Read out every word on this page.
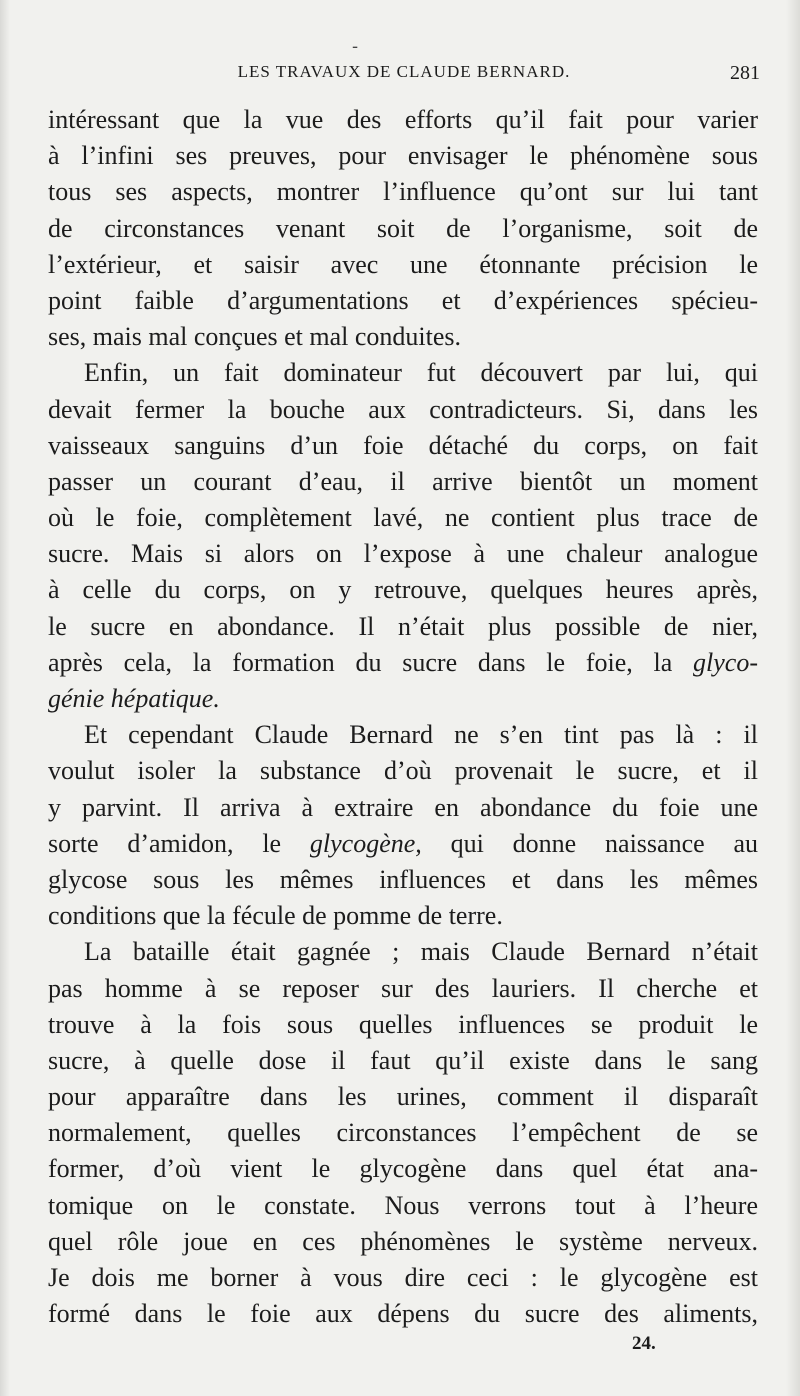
-
LES TRAVAUX DE CLAUDE BERNARD.	281
intéressant que la vue des efforts qu’il fait pour varier
à l’infini ses preuves, pour envisager le phénomène sous
tous ses aspects, montrer l’influence qu’ont sur lui tant
de circonstances venant soit de l’organisme, soit de
l’extérieur, et saisir avec une étonnante précision le
point faible d’argumentations et d’expériences spécieu-
ses, mais mal conçues et mal conduites.
Enfin, un fait dominateur fut découvert par lui, qui
devait fermer la bouche aux contradicteurs. Si, dans les
vaisseaux sanguins d’un foie détaché du corps, on fait
passer un courant d’eau, il arrive bientôt un moment
où le foie, complètement lavé, ne contient plus trace de
sucre. Mais si alors on l’expose à une chaleur analogue
à celle du corps, on y retrouve, quelques heures après,
le sucre en abondance. Il n’était plus possible de nier,
après cela, la formation du sucre dans le foie, la glyco-
génie hépatique.
Et cependant Claude Bernard ne s’en tint pas là : il
voulut isoler la substance d’où provenait le sucre, et il
y parvint. Il arriva à extraire en abondance du foie une
sorte d’amidon, le glycogène, qui donne naissance au
glycose sous les mêmes influences et dans les mêmes
conditions que la fécule de pomme de terre.
La bataille était gagnée ; mais Claude Bernard n’était
pas homme à se reposer sur des lauriers. Il cherche et
trouve à la fois sous quelles influences se produit le
sucre, à quelle dose il faut qu’il existe dans le sang
pour apparaître dans les urines, comment il disparaît
normalement, quelles circonstances l’empêchent de se
former, d’où vient le glycogène dans quel état ana-
tomique on le constate. Nous verrons tout à l’heure
quel rôle joue en ces phénomènes le système nerveux.
Je dois me borner à vous dire ceci : le glycogène est
formé dans le foie aux dépens du sucre des aliments,
24.
